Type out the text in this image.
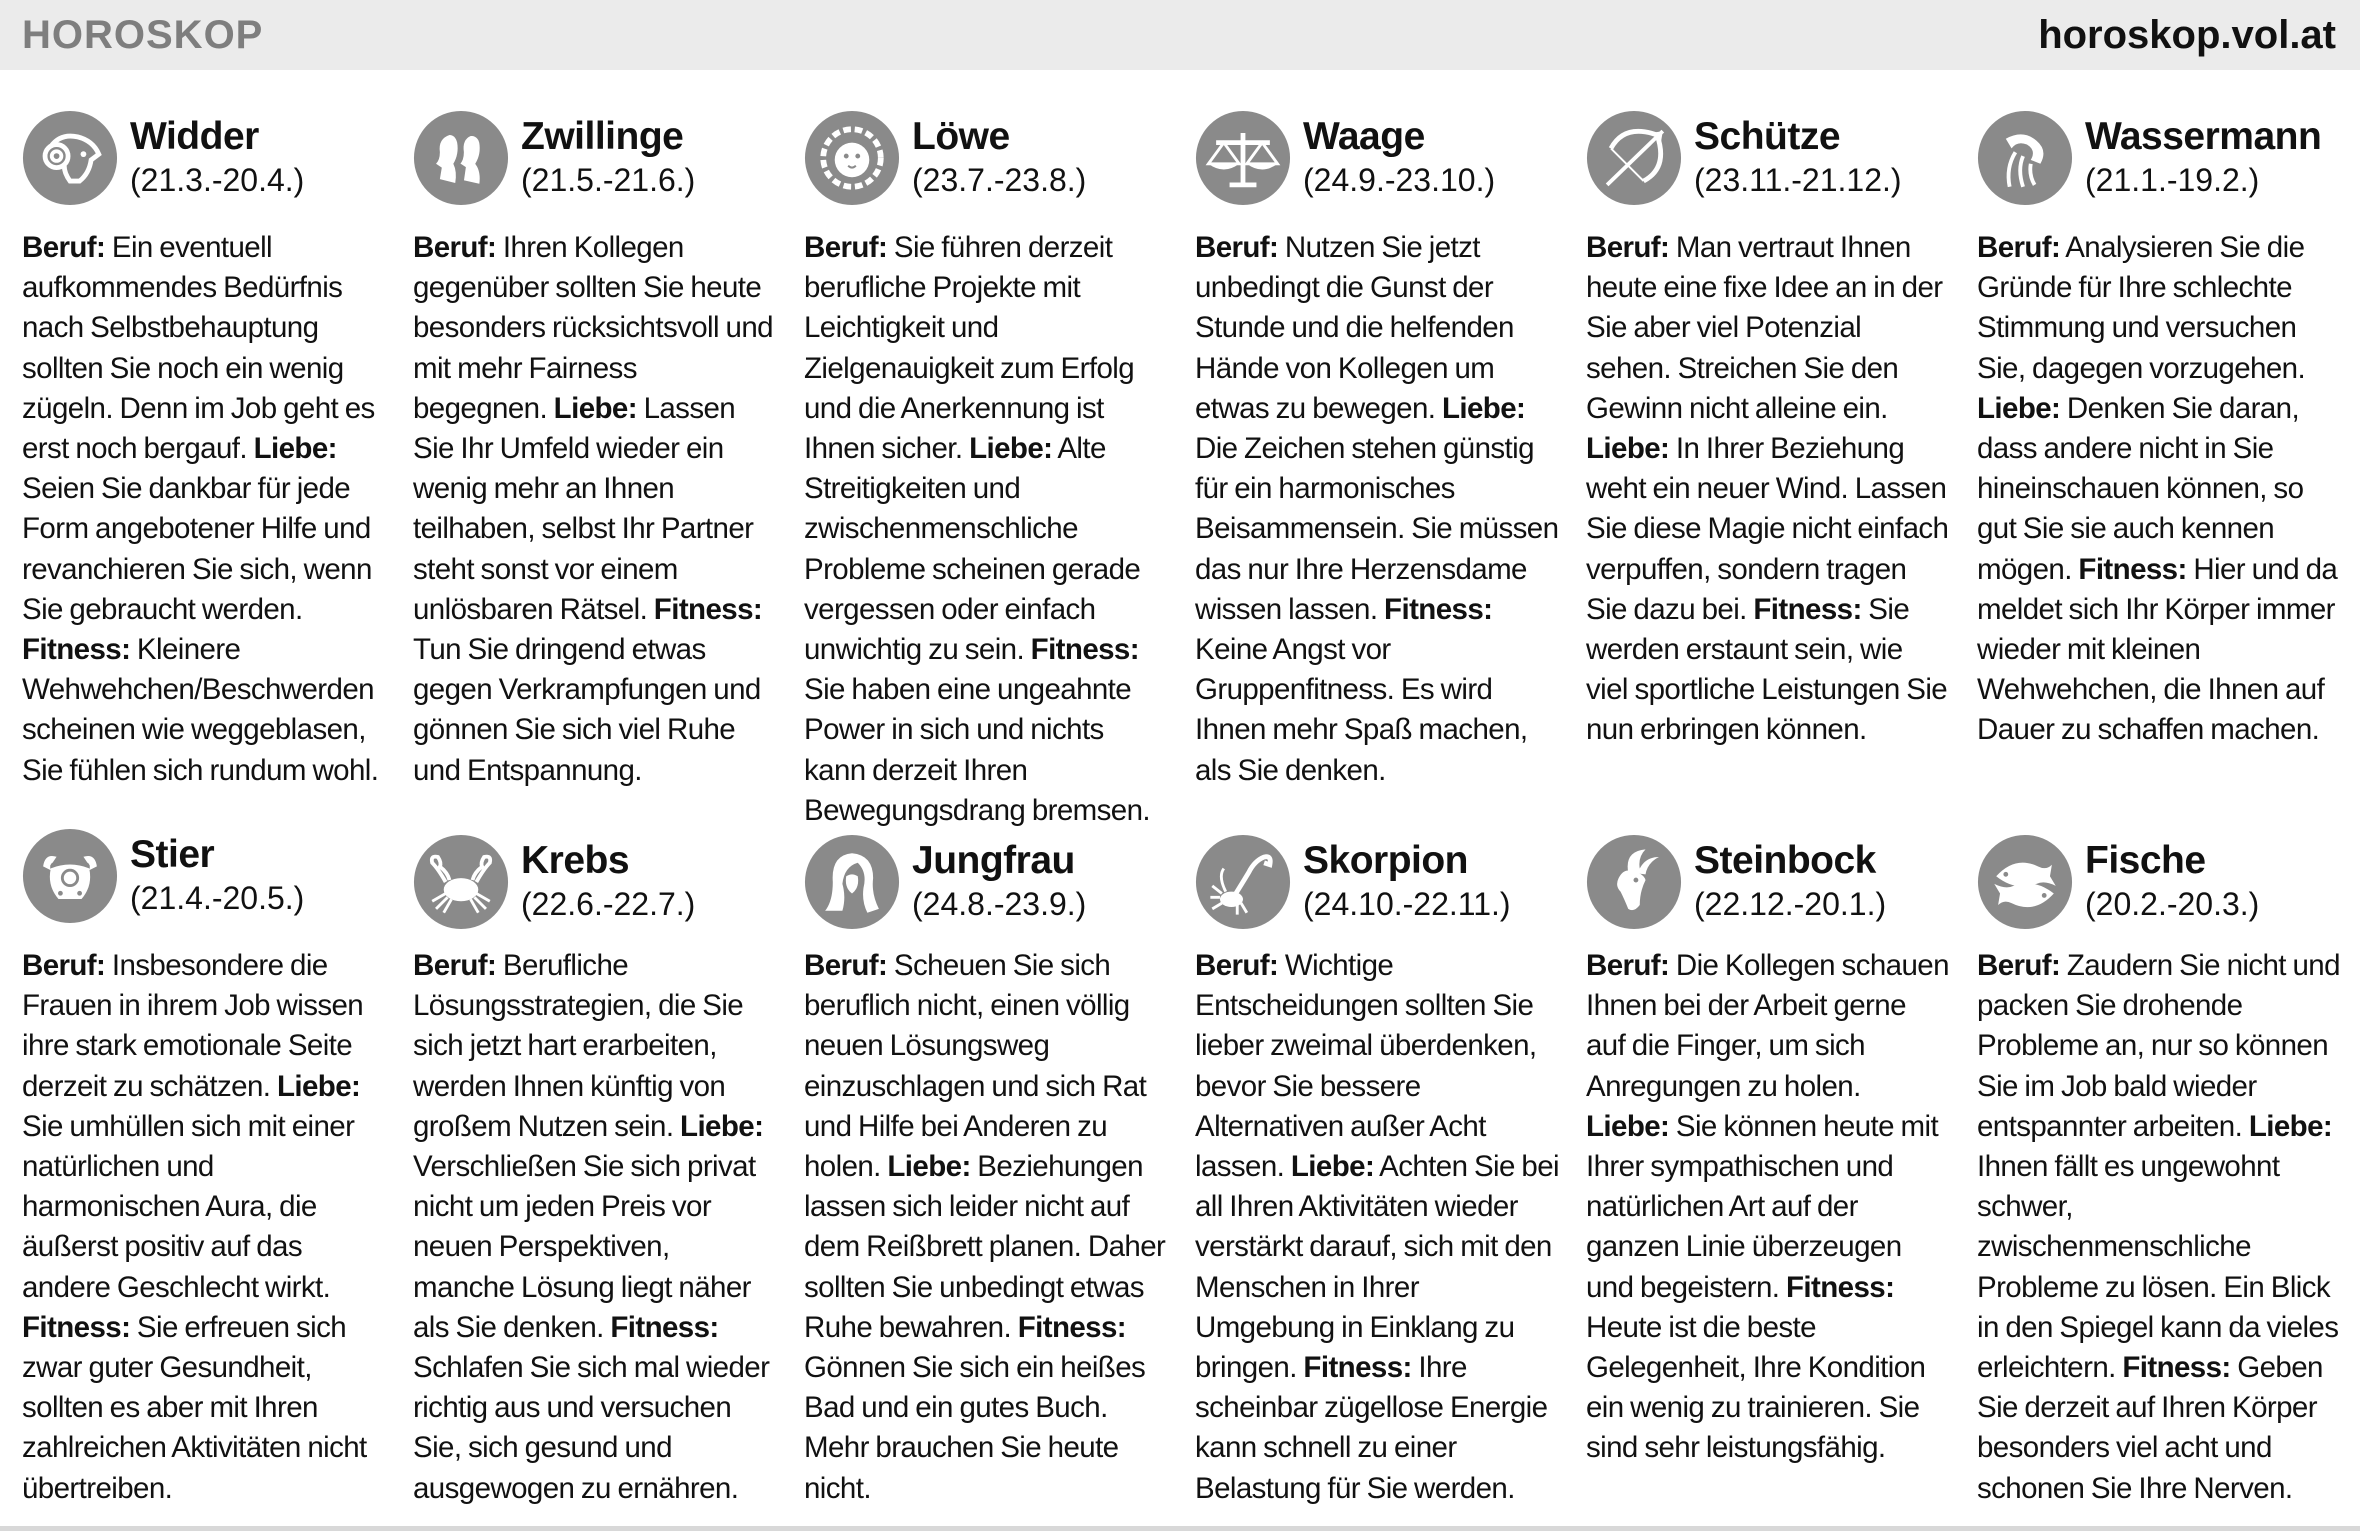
HOROSKOP	horoskop.vol.at
Widder
(21.3.-20.4.)
Beruf: Ein eventuell aufkommendes Bedürfnis nach Selbstbehauptung sollten Sie noch ein wenig zügeln. Denn im Job geht es erst noch bergauf. Liebe: Seien Sie dankbar für jede Form angebotener Hilfe und revanchieren Sie sich, wenn Sie gebraucht werden. Fitness: Kleinere Wehwehchen/Beschwerden scheinen wie weggeblasen, Sie fühlen sich rundum wohl.
Zwillinge
(21.5.-21.6.)
Beruf: Ihren Kollegen gegenüber sollten Sie heute besonders rücksichtsvoll und mit mehr Fairness begegnen. Liebe: Lassen Sie Ihr Umfeld wieder ein wenig mehr an Ihnen teilhaben, selbst Ihr Partner steht sonst vor einem unlösbaren Rätsel. Fitness: Tun Sie dringend etwas gegen Verkrampfungen und gönnen Sie sich viel Ruhe und Entspannung.
Löwe
(23.7.-23.8.)
Beruf: Sie führen derzeit berufliche Projekte mit Leichtigkeit und Zielgenauigkeit zum Erfolg und die Anerkennung ist Ihnen sicher. Liebe: Alte Streitigkeiten und zwischenmenschliche Probleme scheinen gerade vergessen oder einfach unwichtig zu sein. Fitness: Sie haben eine ungeahnte Power in sich und nichts kann derzeit Ihren Bewegungsdrang bremsen.
Waage
(24.9.-23.10.)
Beruf: Nutzen Sie jetzt unbedingt die Gunst der Stunde und die helfenden Hände von Kollegen um etwas zu bewegen. Liebe: Die Zeichen stehen günstig für ein harmonisches Beisammensein. Sie müssen das nur Ihre Herzensdame wissen lassen. Fitness: Keine Angst vor Gruppenfitness. Es wird Ihnen mehr Spaß machen, als Sie denken.
Schütze
(23.11.-21.12.)
Beruf: Man vertraut Ihnen heute eine fixe Idee an in der Sie aber viel Potenzial sehen. Streichen Sie den Gewinn nicht alleine ein. Liebe: In Ihrer Beziehung weht ein neuer Wind. Lassen Sie diese Magie nicht einfach verpuffen, sondern tragen Sie dazu bei. Fitness: Sie werden erstaunt sein, wie viel sportliche Leistungen Sie nun erbringen können.
Wassermann
(21.1.-19.2.)
Beruf: Analysieren Sie die Gründe für Ihre schlechte Stimmung und versuchen Sie, dagegen vorzugehen. Liebe: Denken Sie daran, dass andere nicht in Sie hineinschauen können, so gut Sie sie auch kennen mögen. Fitness: Hier und da meldet sich Ihr Körper immer wieder mit kleinen Wehwehchen, die Ihnen auf Dauer zu schaffen machen.
Stier
(21.4.-20.5.)
Beruf: Insbesondere die Frauen in ihrem Job wissen ihre stark emotionale Seite derzeit zu schätzen. Liebe: Sie umhüllen sich mit einer natürlichen und harmonischen Aura, die äußerst positiv auf das andere Geschlecht wirkt. Fitness: Sie erfreuen sich zwar guter Gesundheit, sollten es aber mit Ihren zahlreichen Aktivitäten nicht übertreiben.
Krebs
(22.6.-22.7.)
Beruf: Berufliche Lösungsstrategien, die Sie sich jetzt hart erarbeiten, werden Ihnen künftig von großem Nutzen sein. Liebe: Verschließen Sie sich privat nicht um jeden Preis vor neuen Perspektiven, manche Lösung liegt näher als Sie denken. Fitness: Schlafen Sie sich mal wieder richtig aus und versuchen Sie, sich gesund und ausgewogen zu ernähren.
Jungfrau
(24.8.-23.9.)
Beruf: Scheuen Sie sich beruflich nicht, einen völlig neuen Lösungsweg einzuschlagen und sich Rat und Hilfe bei Anderen zu holen. Liebe: Beziehungen lassen sich leider nicht auf dem Reißbrett planen. Daher sollten Sie unbedingt etwas Ruhe bewahren. Fitness: Gönnen Sie sich ein heißes Bad und ein gutes Buch. Mehr brauchen Sie heute nicht.
Skorpion
(24.10.-22.11.)
Beruf: Wichtige Entscheidungen sollten Sie lieber zweimal überdenken, bevor Sie bessere Alternativen außer Acht lassen. Liebe: Achten Sie bei all Ihren Aktivitäten wieder verstärkt darauf, sich mit den Menschen in Ihrer Umgebung in Einklang zu bringen. Fitness: Ihre scheinbar zügellose Energie kann schnell zu einer Belastung für Sie werden.
Steinbock
(22.12.-20.1.)
Beruf: Die Kollegen schauen Ihnen bei der Arbeit gerne auf die Finger, um sich Anregungen zu holen. Liebe: Sie können heute mit Ihrer sympathischen und natürlichen Art auf der ganzen Linie überzeugen und begeistern. Fitness: Heute ist die beste Gelegenheit, Ihre Kondition ein wenig zu trainieren. Sie sind sehr leistungsfähig.
Fische
(20.2.-20.3.)
Beruf: Zaudern Sie nicht und packen Sie drohende Probleme an, nur so können Sie im Job bald wieder entspannter arbeiten. Liebe: Ihnen fällt es ungewohnt schwer, zwischenmenschliche Probleme zu lösen. Ein Blick in den Spiegel kann da vieles erleichtern. Fitness: Geben Sie derzeit auf Ihren Körper besonders viel acht und schonen Sie Ihre Nerven.
